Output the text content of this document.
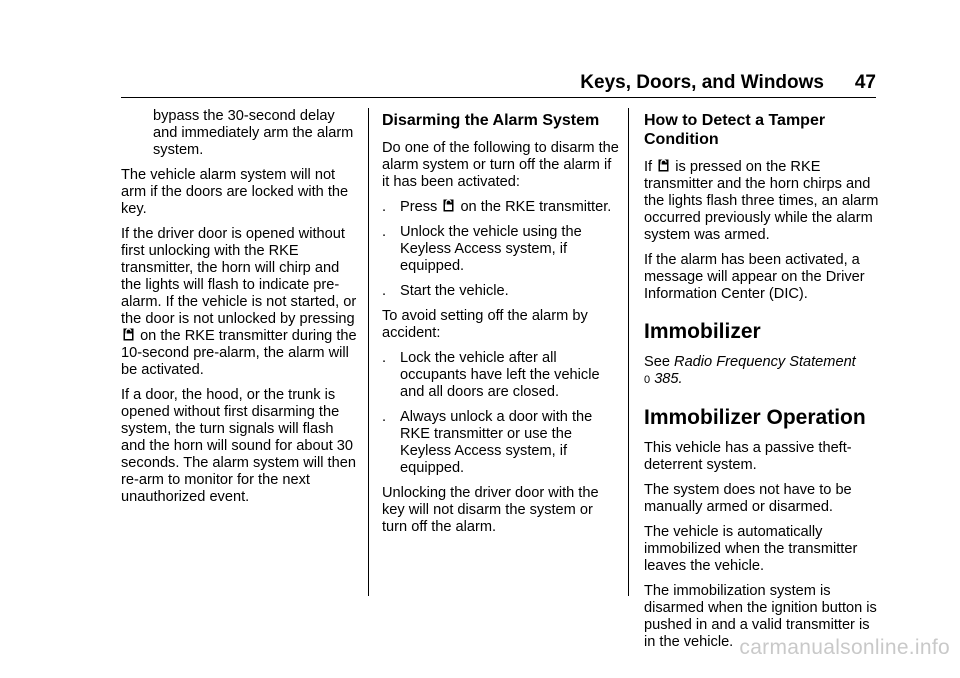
Keys, Doors, and Windows	47

bypass the 30-second delay and immediately arm the alarm system.

The vehicle alarm system will not arm if the doors are locked with the key.

If the driver door is opened without first unlocking with the RKE transmitter, the horn will chirp and the lights will flash to indicate pre-alarm. If the vehicle is not started, or the door is not unlocked by pressing  on the RKE transmitter during the 10-second pre-alarm, the alarm will be activated.

If a door, the hood, or the trunk is opened without first disarming the system, the turn signals will flash and the horn will sound for about 30 seconds. The alarm system will then re-arm to monitor for the next unauthorized event.

Disarming the Alarm System

Do one of the following to disarm the alarm system or turn off the alarm if it has been activated:

. Press on the RKE transmitter.
. Unlock the vehicle using the Keyless Access system, if equipped.
. Start the vehicle.

To avoid setting off the alarm by accident:

. Lock the vehicle after all occupants have left the vehicle and all doors are closed.
. Always unlock a door with the RKE transmitter or use the Keyless Access system, if equipped.

Unlocking the driver door with the key will not disarm the system or turn off the alarm.

How to Detect a Tamper Condition

If is pressed on the RKE transmitter and the horn chirps and the lights flash three times, an alarm occurred previously while the alarm system was armed.

If the alarm has been activated, a message will appear on the Driver Information Center (DIC).

Immobilizer

See Radio Frequency Statement
0 385.

Immobilizer Operation

This vehicle has a passive theft-deterrent system.

The system does not have to be manually armed or disarmed.

The vehicle is automatically immobilized when the transmitter leaves the vehicle.

The immobilization system is disarmed when the ignition button is pushed in and a valid transmitter is in the vehicle. carmanualsonline.info
